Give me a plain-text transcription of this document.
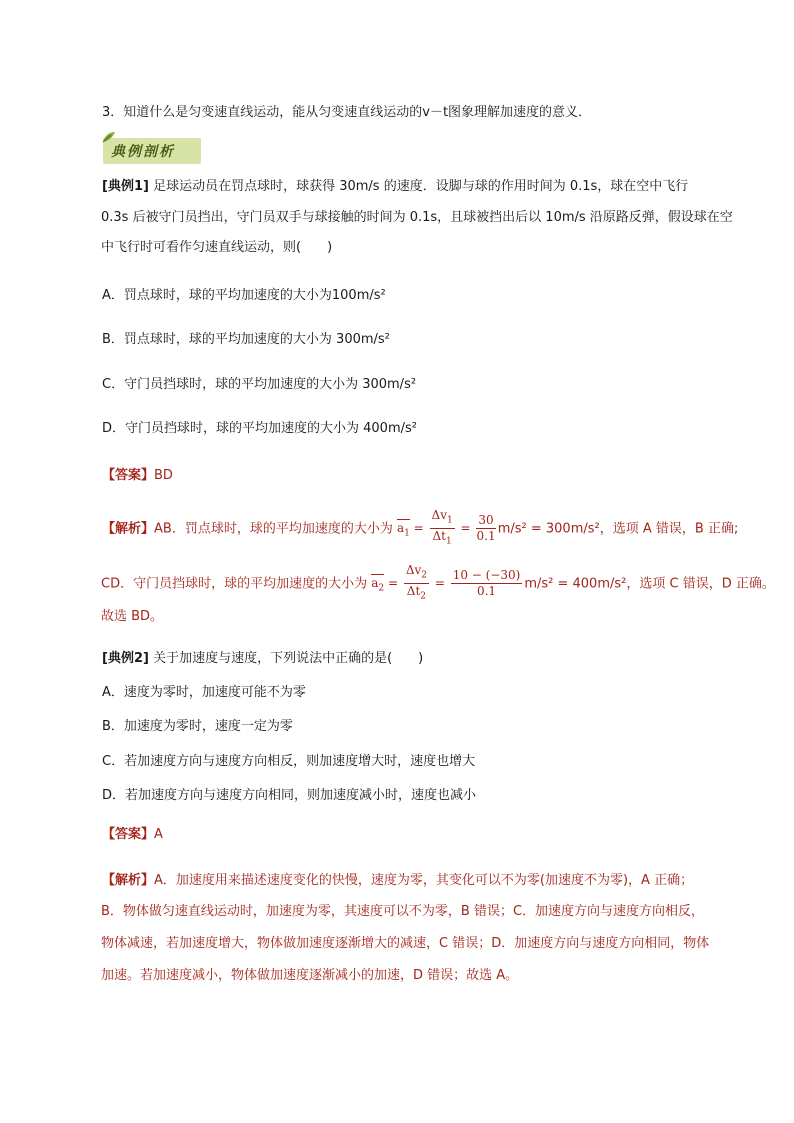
3．知道什么是匀变速直线运动，能从匀变速直线运动的v－t图象理解加速度的意义．
典例剖析
[典例1] 足球运动员在罚点球时，球获得 30m/s 的速度．设脚与球的作用时间为 0.1s，球在空中飞行
0.3s 后被守门员挡出，守门员双手与球接触的时间为 0.1s，且球被挡出后以 10m/s 沿原路反弹，假设球在空
中飞行时可看作匀速直线运动，则(　　)
A．罚点球时，球的平均加速度的大小为100m/s²
B．罚点球时，球的平均加速度的大小为 300m/s²
C．守门员挡球时，球的平均加速度的大小为 300m/s²
D．守门员挡球时，球的平均加速度的大小为 400m/s²
【答案】BD
【解析】AB．罚点球时，球的平均加速度的大小为 $a_1 = \frac{\Delta v_1}{\Delta t_1} = \frac{30}{0.1} m/s^2 = 300m/s^2$，选项 A 错误，B 正确;
CD．守门员挡球时，球的平均加速度的大小为 $a_2 = \frac{\Delta v_2}{\Delta t_2} = \frac{10 - (-30)}{0.1} m/s^2 = 400m/s^2$，选项 C 错误，D 正确。
故选 BD。
[典例2] 关于加速度与速度，下列说法中正确的是(　　)
A．速度为零时，加速度可能不为零
B．加速度为零时，速度一定为零
C．若加速度方向与速度方向相反，则加速度增大时，速度也增大
D．若加速度方向与速度方向相同，则加速度减小时，速度也减小
【答案】A
【解析】A．加速度用来描述速度变化的快慢，速度为零，其变化可以不为零(加速度不为零)，A 正确；
B．物体做匀速直线运动时，加速度为零，其速度可以不为零，B 错误；C．加速度方向与速度方向相反，
物体减速，若加速度增大，物体做加速度逐渐增大的减速，C 错误；D．加速度方向与速度方向相同，物体
加速。若加速度减小，物体做加速度逐渐减小的加速，D 错误；故选 A。
